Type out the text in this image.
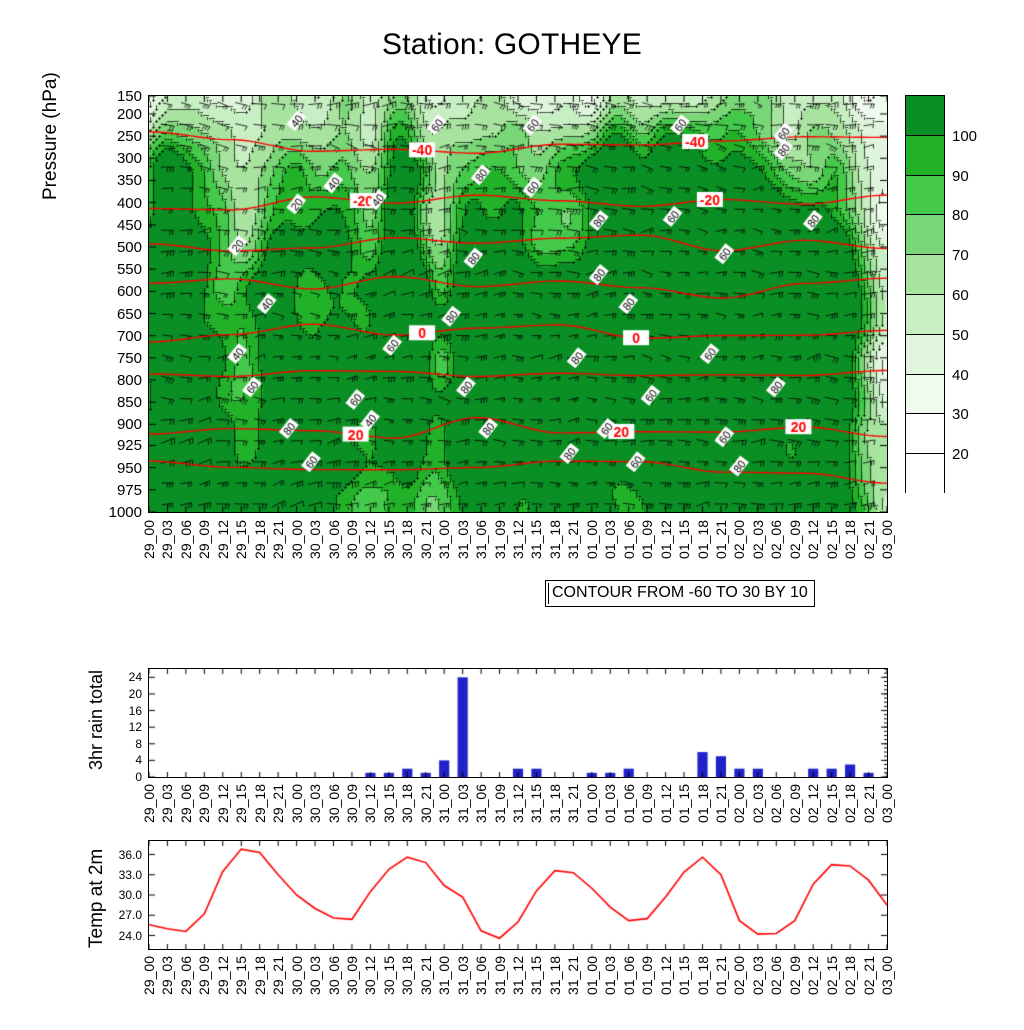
Station: GOTHEYE
Pressure (hPa)	150
200
250
300
350
400
450
500
550
600
650
700
750
800
850
900
925
950
975
1000
29_00 29_03 29_06 29_09 29_12 29_15 29_18 29_21 30_00 30_03 30_06 30_09 30_12 30_15 30_18 30_21 31_00 31_03 31_06 31_09 31_12 31_15 31_18 31_21 01_00 01_03 01_06 01_09 01_12 01_15 01_18 01_21 02_00 02_03 02_06 02_09 02_12 02_15 02_18 02_21 03_00
CONTOUR FROM -60 TO 30 BY 10
100
90
80
70
60
50
40
30
20
3hr rain total
0
4
8
12
16
20
24
29_00 29_03 29_06 29_09 29_12 29_15 29_18 29_21 30_00 30_03 30_06 30_09 30_12 30_15 30_18 30_21 31_00 31_03 31_06 31_09 31_12 31_15 31_18 31_21 01_00 01_03 01_06 01_09 01_12 01_15 01_18 01_21 02_00 02_03 02_06 02_09 02_12 02_15 02_18 02_21 03_00
Temp at 2m 24.0
27.0
30.0
33.0
36.0
29_00 29_03 29_06 29_09 29_12 29_15 29_18 29_21 30_00 30_03 30_06 30_09 30_12 30_15 30_18 30_21 31_00 31_03 31_06 31_09 31_12 31_15 31_18 31_21 01_00 01_03 01_06 01_09 01_12 01_15 01_18 01_21 02_00 02_03 02_06 02_09 02_12 02_15 02_18 02_21 03_00
